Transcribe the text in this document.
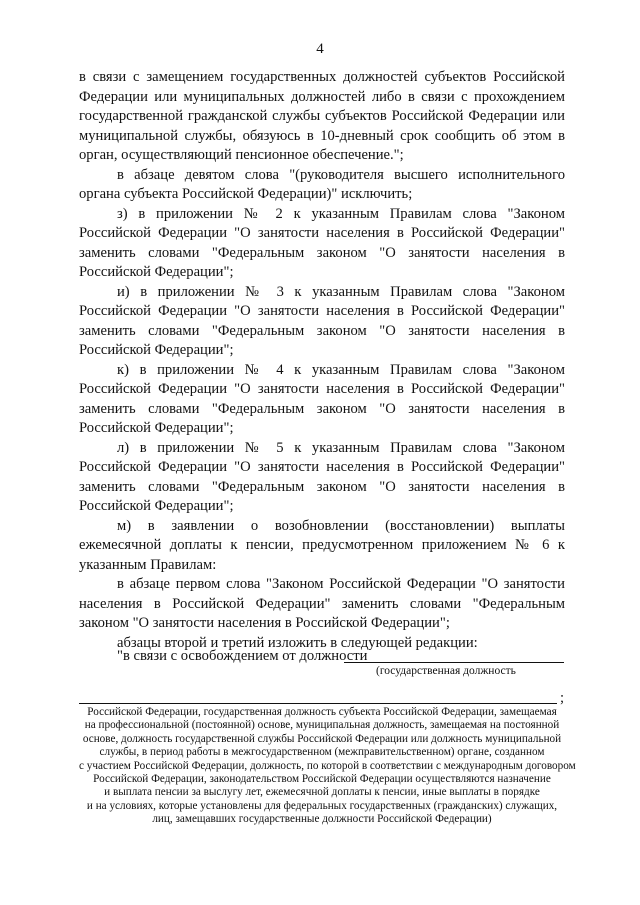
4

в связи с замещением государственных должностей субъектов Российской Федерации или муниципальных должностей либо в связи с прохождением государственной гражданской службы субъектов Российской Федерации или муниципальной службы, обязуюсь в 10-дневный срок сообщить об этом в орган, осуществляющий пенсионное обеспечение.";

в абзаце девятом слова "(руководителя высшего исполнительного органа субъекта Российской Федерации)" исключить;

з) в приложении № 2 к указанным Правилам слова "Законом Российской Федерации "О занятости населения в Российской Федерации" заменить словами "Федеральным законом "О занятости населения в Российской Федерации";

и) в приложении № 3 к указанным Правилам слова "Законом Российской Федерации "О занятости населения в Российской Федерации" заменить словами "Федеральным законом "О занятости населения в Российской Федерации";

к) в приложении № 4 к указанным Правилам слова "Законом Российской Федерации "О занятости населения в Российской Федерации" заменить словами "Федеральным законом "О занятости населения в Российской Федерации";

л) в приложении № 5 к указанным Правилам слова "Законом Российской Федерации "О занятости населения в Российской Федерации" заменить словами "Федеральным законом "О занятости населения в Российской Федерации";

м) в заявлении о возобновлении (восстановлении) выплаты ежемесячной доплаты к пенсии, предусмотренном приложением № 6 к указанным Правилам:

в абзаце первом слова "Законом Российской Федерации "О занятости населения в Российской Федерации" заменить словами "Федеральным законом "О занятости населения в Российской Федерации";

абзацы второй и третий изложить в следующей редакции:

"в связи с освобождением от должности
(государственная должность
;
Российской Федерации, государственная должность субъекта Российской Федерации, замещаемая
на профессиональной (постоянной) основе, муниципальная должность, замещаемая на постоянной
основе, должность государственной службы Российской Федерации или должность муниципальной
службы, в период работы в межгосударственном (межправительственном) органе, созданном
с участием Российской Федерации, должность, по которой в соответствии с международным договором
Российской Федерации, законодательством Российской Федерации осуществляются назначение
и выплата пенсии за выслугу лет, ежемесячной доплаты к пенсии, иные выплаты в порядке
и на условиях, которые установлены для федеральных государственных (гражданских) служащих,
лиц, замещавших государственные должности Российской Федерации)
